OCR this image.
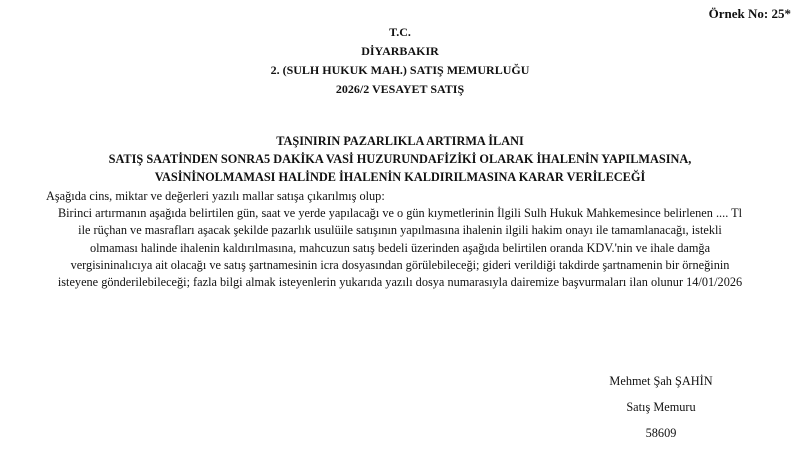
Örnek No: 25*
T.C.
DİYARBAKIR
2. (SULH HUKUK MAH.) SATIŞ MEMURLUĞU
2026/2 VESAYET SATIŞ
TAŞINIRIN PAZARLIKLA ARTIRMA İLANI
SATIŞ SAATİNDEN SONRA5 DAKİKA VASİ HUZURUNDAFİZİKİ OLARAK İHALENİN YAPILMASINA,
VASİNİNOLMAMASI HALİNDE İHALENİN KALDIRILMASINA KARAR VERİLECEĞİ
Aşağıda cins, miktar ve değerleri yazılı mallar satışa çıkarılmış olup:
Birinci artırmanın aşağıda belirtilen gün, saat ve yerde yapılacağı ve o gün kıymetlerinin İlgili Sulh Hukuk Mahkemesince belirlenen .... Tl
ile rüçhan ve masrafları aşacak şekilde pazarlık usulüile satışının yapılmasına ihalenin ilgili hakim onayı ile tamamlanacağı, istekli
olmaması halinde ihalenin kaldırılmasına, mahcuzun satış bedeli üzerinden aşağıda belirtilen oranda KDV.'nin ve ihale damğa
vergisininalıcıya ait olacağı ve satış şartnamesinin icra dosyasından görülebileceği; gideri verildiği takdirde şartnamenin bir örneğinin
isteyene gönderilebileceği; fazla bilgi almak isteyenlerin yukarıda yazılı dosya numarasıyla dairemize başvurmaları ilan olunur 14/01/2026
Mehmet Şah ŞAHİN
Satış Memuru
58609
